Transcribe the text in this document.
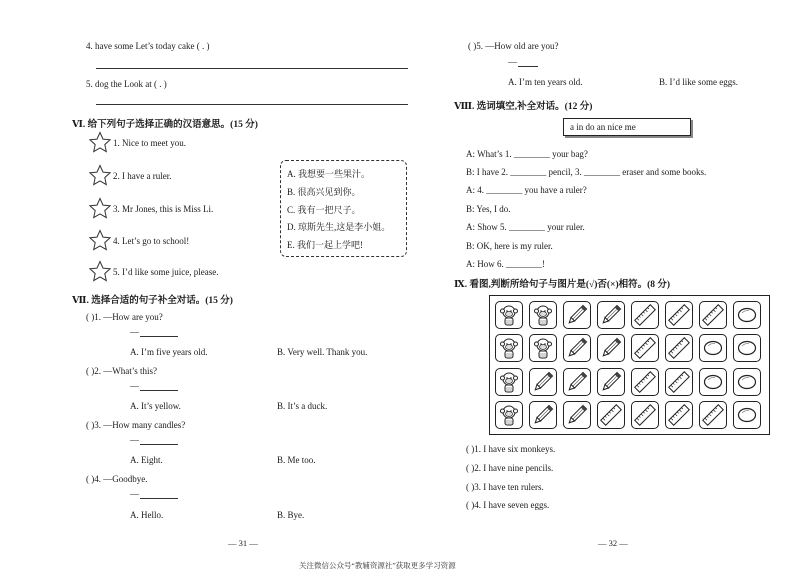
4. have some Let’s today cake ( . )
5. dog the Look at ( . )
Ⅵ. 给下列句子选择正确的汉语意思。(15 分)
1. Nice to meet you.
2. I have a ruler.
3. Mr Jones, this is Miss Li.
4. Let’s go to school!
5. I’d like some juice, please.
A. 我想要一些果汁。
B. 很高兴见到你。
C. 我有一把尺子。
D. 琼斯先生,这是李小姐。
E. 我们一起上学吧!
Ⅶ. 选择合适的句子补全对话。(15 分)
( )1. —How are you?
—
A. I’m five years old.	B. Very well. Thank you.
( )2. —What’s this?
—
A. It’s yellow.	B. It’s a duck.
( )3. —How many candles?
—
A. Eight.	B. Me too.
( )4. —Goodbye.
—
A. Hello.	B. Bye.
— 31 —
( )5. —How old are you?
—
A. I’m ten years old.	B. I’d like some eggs.
Ⅷ. 选词填空,补全对话。(12 分)
a in do an nice me
A: What’s 1. ________ your bag?
B: I have 2. ________ pencil, 3. ________ eraser and some books.
A: 4. ________ you have a ruler?
B: Yes, I do.
A: Show 5. ________ your ruler.
B: OK, here is my ruler.
A: How 6. ________!
Ⅸ. 看图,判断所给句子与图片是(√)否(×)相符。(8 分)
( )1. I have six monkeys.
( )2. I have nine pencils.
( )3. I have ten rulers.
( )4. I have seven eggs.
— 32 —
关注微信公众号“教辅资源社”获取更多学习资源
